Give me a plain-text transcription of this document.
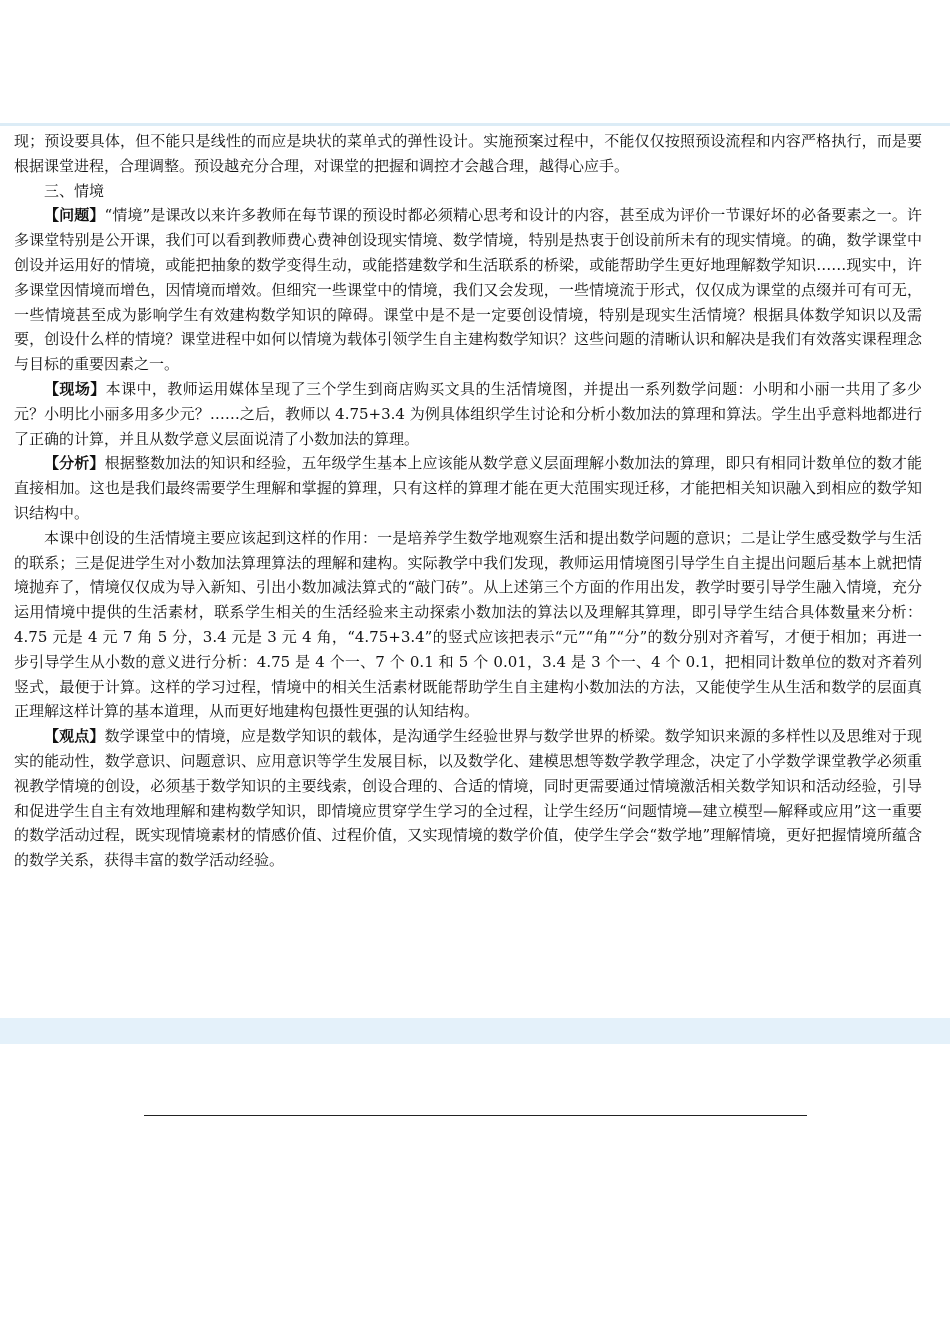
现；预设要具体，但不能只是线性的而应是块状的菜单式的弹性设计。实施预案过程中，不能仅仅按照预设流程和内容严格执行，而是要根据课堂进程，合理调整。预设越充分合理，对课堂的把握和调控才会越合理，越得心应手。

三、情境

【问题】“情境”是课改以来许多教师在每节课的预设时都必须精心思考和设计的内容，甚至成为评价一节课好坏的必备要素之一。许多课堂特别是公开课，我们可以看到教师费心费神创设现实情境、数学情境，特别是热衷于创设前所未有的现实情境。的确，数学课堂中创设并运用好的情境，或能把抽象的数学变得生动，或能搭建数学和生活联系的桥梁，或能帮助学生更好地理解数学知识……现实中，许多课堂因情境而增色，因情境而增效。但细究一些课堂中的情境，我们又会发现，一些情境流于形式，仅仅成为课堂的点缀并可有可无，一些情境甚至成为影响学生有效建构数学知识的障碍。课堂中是不是一定要创设情境，特别是现实生活情境？根据具体数学知识以及需要，创设什么样的情境？课堂进程中如何以情境为载体引领学生自主建构数学知识？这些问题的清晰认识和解决是我们有效落实课程理念与目标的重要因素之一。

【现场】本课中，教师运用媒体呈现了三个学生到商店购买文具的生活情境图，并提出一系列数学问题：小明和小丽一共用了多少元？小明比小丽多用多少元？……之后，教师以 4.75+3.4 为例具体组织学生讨论和分析小数加法的算理和算法。学生出乎意料地都进行了正确的计算，并且从数学意义层面说清了小数加法的算理。

【分析】根据整数加法的知识和经验，五年级学生基本上应该能从数学意义层面理解小数加法的算理，即只有相同计数单位的数才能直接相加。这也是我们最终需要学生理解和掌握的算理，只有这样的算理才能在更大范围实现迁移，才能把相关知识融入到相应的数学知识结构中。

本课中创设的生活情境主要应该起到这样的作用：一是培养学生数学地观察生活和提出数学问题的意识；二是让学生感受数学与生活的联系；三是促进学生对小数加法算理算法的理解和建构。实际教学中我们发现，教师运用情境图引导学生自主提出问题后基本上就把情境抛弃了，情境仅仅成为导入新知、引出小数加减法算式的“敲门砖”。从上述第三个方面的作用出发，教学时要引导学生融入情境，充分运用情境中提供的生活素材，联系学生相关的生活经验来主动探索小数加法的算法以及理解其算理，即引导学生结合具体数量来分析：4.75 元是 4 元 7 角 5 分，3.4 元是 3 元 4 角，“4.75+3.4”的竖式应该把表示“元”“角”“分”的数分别对齐着写，才便于相加；再进一步引导学生从小数的意义进行分析：4.75 是 4 个一、7 个 0.1 和 5 个 0.01，3.4 是 3 个一、4 个 0.1，把相同计数单位的数对齐着列竖式，最便于计算。这样的学习过程，情境中的相关生活素材既能帮助学生自主建构小数加法的方法，又能使学生从生活和数学的层面真正理解这样计算的基本道理，从而更好地建构包摄性更强的认知结构。

【观点】数学课堂中的情境，应是数学知识的载体，是沟通学生经验世界与数学世界的桥梁。数学知识来源的多样性以及思维对于现实的能动性，数学意识、问题意识、应用意识等学生发展目标，以及数学化、建模思想等数学教学理念，决定了小学数学课堂教学必须重视教学情境的创设，必须基于数学知识的主要线索，创设合理的、合适的情境，同时更需要通过情境激活相关数学知识和活动经验，引导和促进学生自主有效地理解和建构数学知识，即情境应贯穿学生学习的全过程，让学生经历“问题情境—建立模型—解释或应用”这一重要的数学活动过程，既实现情境素材的情感价值、过程价值，又实现情境的数学价值，使学生学会“数学地”理解情境，更好把握情境所蕴含的数学关系，获得丰富的数学活动经验。
